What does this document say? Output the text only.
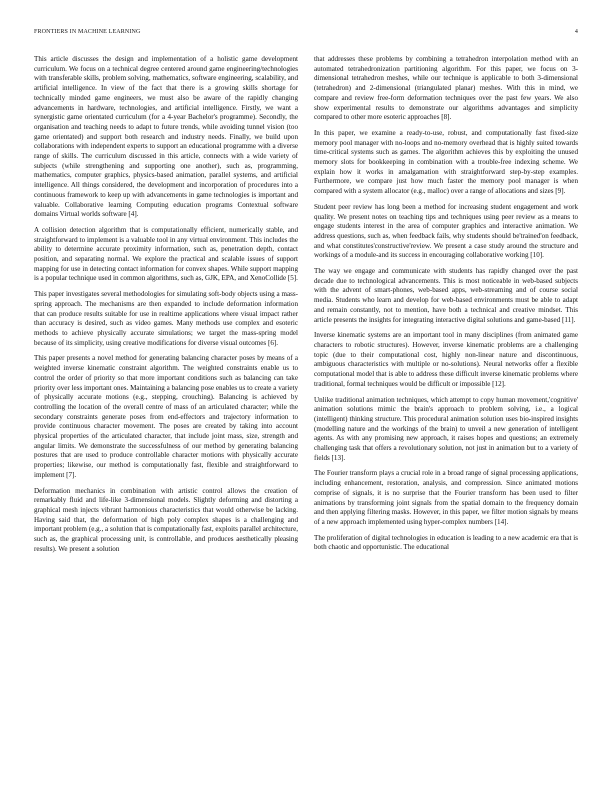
FRONTIERS IN MACHINE LEARNING	4

This article discusses the design and implementation of a holistic game development curriculum. We focus on a technical degree centered around game engineering/technologies with transferable skills, problem solving, mathematics, software engineering, scalability, and artificial intelligence. In view of the fact that there is a growing skills shortage for technically minded game engineers, we must also be aware of the rapidly changing advancements in hardware, technologies, and artificial intelligence. Firstly, we want a synergistic game orientated curriculum (for a 4-year Bachelor's programme). Secondly, the organisation and teaching needs to adapt to future trends, while avoiding tunnel vision (too game orientated) and support both research and industry needs. Finally, we build upon collaborations with independent experts to support an educational programme with a diverse range of skills. The curriculum discussed in this article, connects with a wide variety of subjects (while strengthening and supporting one another), such as, programming, mathematics, computer graphics, physics-based animation, parallel systems, and artificial intelligence. All things considered, the development and incorporation of procedures into a continuous framework to keep up with advancements in game technologies is important and valuable. Collaborative learning Computing education programs Contextual software domains Virtual worlds software [4].

A collision detection algorithm that is computationally efficient, numerically stable, and straightforward to implement is a valuable tool in any virtual environment. This includes the ability to determine accurate proximity information, such as, penetration depth, contact position, and separating normal. We explore the practical and scalable issues of support mapping for use in detecting contact information for convex shapes. While support mapping is a popular technique used in common algorithms, such as, GJK, EPA, and XenoCollide [5].

This paper investigates several methodologies for simulating soft-body objects using a mass- spring approach. The mechanisms are then expanded to include deformation information that can produce results suitable for use in realtime applications where visual impact rather than accuracy is desired, such as video games. Many methods use complex and esoteric methods to achieve physically accurate simulations; we target the mass-spring model because of its simplicity, using creative modifications for diverse visual outcomes [6].

This paper presents a novel method for generating balancing character poses by means of a weighted inverse kinematic constraint algorithm. The weighted constraints enable us to control the order of priority so that more important conditions such as balancing can take priority over less important ones. Maintaining a balancing pose enables us to create a variety of physically accurate motions (e.g., stepping, crouching). Balancing is achieved by controlling the location of the overall centre of mass of an articulated character; while the secondary constraints generate poses from end-effectors and trajectory information to provide continuous character movement. The poses are created by taking into account physical properties of the articulated character, that include joint mass, size, strength and angular limits. We demonstrate the successfulness of our method by generating balancing postures that are used to produce controllable character motions with physically accurate properties; likewise, our method is computationally fast, flexible and straightforward to implement [7].

Deformation mechanics in combination with artistic control allows the creation of remarkably fluid and life-like 3-dimensional models. Slightly deforming and distorting a graphical mesh injects vibrant harmonious characteristics that would otherwise be lacking. Having said that, the deformation of high poly complex shapes is a challenging and important problem (e.g., a solution that is computationally fast, exploits parallel architecture, such as, the graphical processing unit, is controllable, and produces aesthetically pleasing results). We present a solution

that addresses these problems by combining a tetrahedron interpolation method with an automated tetrahedronization partitioning algorithm. For this paper, we focus on 3-dimensional tetrahedron meshes, while our technique is applicable to both 3-dimensional (tetrahedron) and 2-dimensional (triangulated planar) meshes. With this in mind, we compare and review free-form deformation techniques over the past few years. We also show experimental results to demonstrate our algorithms advantages and simplicity compared to other more esoteric approaches [8].

In this paper, we examine a ready-to-use, robust, and computationally fast fixed-size memory pool manager with no-loops and no-memory overhead that is highly suited towards time-critical systems such as games. The algorithm achieves this by exploiting the unused memory slots for bookkeeping in combination with a trouble-free indexing scheme. We explain how it works in amalgamation with straightforward step-by-step examples. Furthermore, we compare just how much faster the memory pool manager is when compared with a system allocator (e.g., malloc) over a range of allocations and sizes [9].

Student peer review has long been a method for increasing student engagement and work quality. We present notes on teaching tips and techniques using peer review as a means to engage students interest in the area of computer graphics and interactive animation. We address questions, such as, when feedback fails, why students should be'trained'on feedback, and what constitutes'constructive'review. We present a case study around the structure and workings of a module-and its success in encouraging collaborative working [10].

The way we engage and communicate with students has rapidly changed over the past decade due to technological advancements. This is most noticeable in web-based subjects with the advent of smart-phones, web-based apps, web-streaming and of course social media. Students who learn and develop for web-based environments must be able to adapt and remain constantly, not to mention, have both a technical and creative mindset. This article presents the insights for integrating interactive digital solutions and game-based [11].

Inverse kinematic systems are an important tool in many disciplines (from animated game characters to robotic structures). However, inverse kinematic problems are a challenging topic (due to their computational cost, highly non-linear nature and discontinuous, ambiguous characteristics with multiple or no-solutions). Neural networks offer a flexible computational model that is able to address these difficult inverse kinematic problems where traditional, formal techniques would be difficult or impossible [12].

Unlike traditional animation techniques, which attempt to copy human movement,'cognitive' animation solutions mimic the brain's approach to problem solving, i.e., a logical (intelligent) thinking structure. This procedural animation solution uses bio-inspired insights (modelling nature and the workings of the brain) to unveil a new generation of intelligent agents. As with any promising new approach, it raises hopes and questions; an extremely challenging task that offers a revolutionary solution, not just in animation but to a variety of fields [13].

The Fourier transform plays a crucial role in a broad range of signal processing applications, including enhancement, restoration, analysis, and compression. Since animated motions comprise of signals, it is no surprise that the Fourier transform has been used to filter animations by transforming joint signals from the spatial domain to the frequency domain and then applying filtering masks. However, in this paper, we filter motion signals by means of a new approach implemented using hyper-complex numbers [14].

The proliferation of digital technologies in education is leading to a new academic era that is both chaotic and opportunistic. The educational
